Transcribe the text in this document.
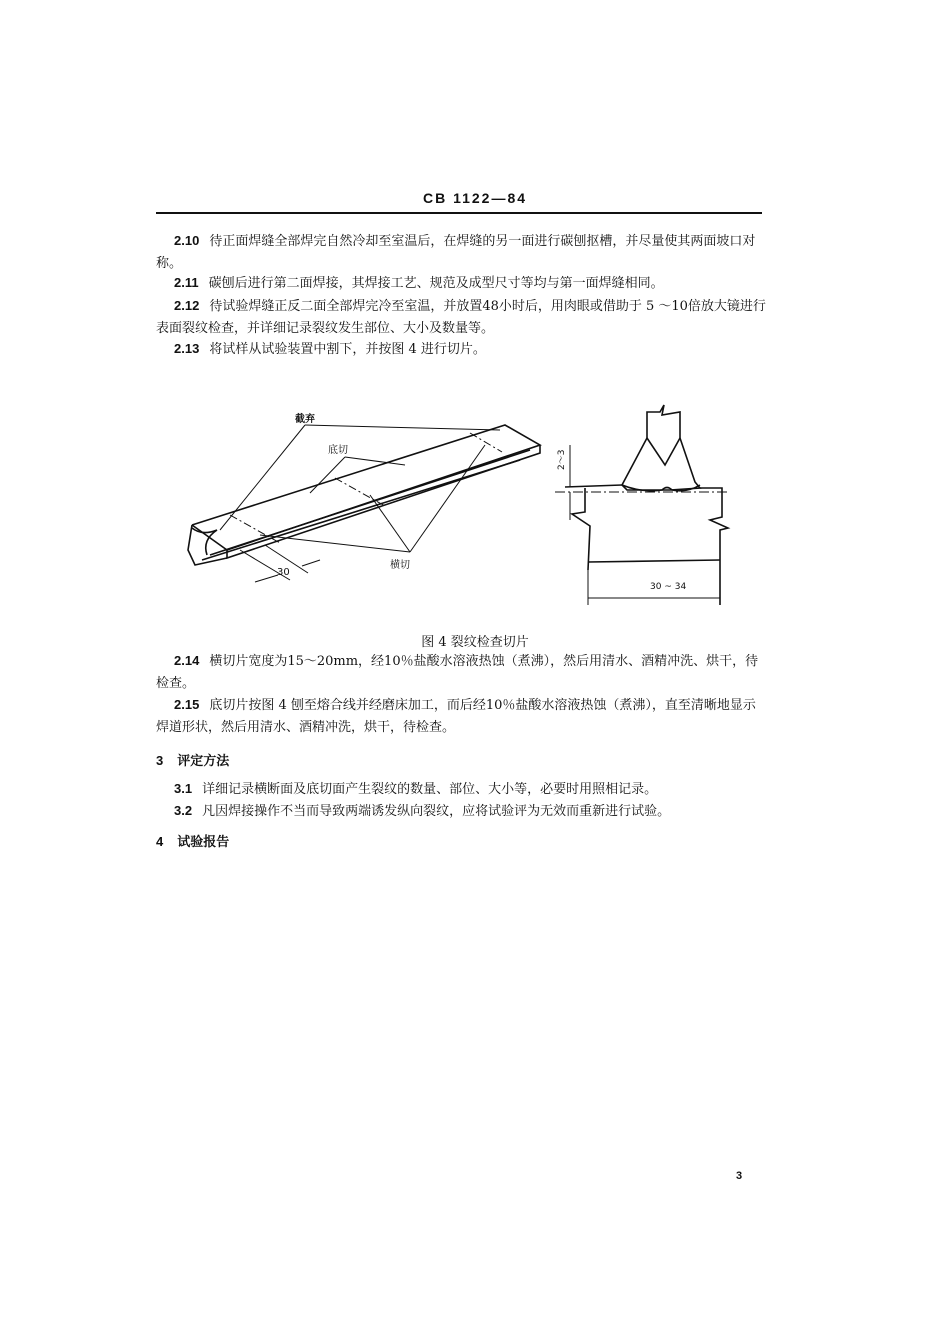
CB 1122—84
2.10 待正面焊缝全部焊完自然冷却至室温后，在焊缝的另一面进行碳刨抠槽，并尽量使其两面坡口对称。
2.11 碳刨后进行第二面焊接，其焊接工艺、规范及成型尺寸等均与第一面焊缝相同。
2.12 待试验焊缝正反二面全部焊完冷至室温，并放置48小时后，用肉眼或借助于 5 ～10倍放大镜进行表面裂纹检查，并详细记录裂纹发生部位、大小及数量等。
2.13 将试样从试验装置中割下，并按图 4 进行切片。
截弃
底切
横切
30
30 ~ 34
2～3
图 4 裂纹检查切片
2.14 横切片宽度为15～20mm，经10％盐酸水溶液热蚀（煮沸），然后用清水、酒精冲洗、烘干，待检查。
2.15 底切片按图 4 刨至熔合线并经磨床加工，而后经10％盐酸水溶液热蚀（煮沸），直至清晰地显示焊道形状，然后用清水、酒精冲洗，烘干，待检查。
3 评定方法
3.1 详细记录横断面及底切面产生裂纹的数量、部位、大小等，必要时用照相记录。
3.2 凡因焊接操作不当而导致两端诱发纵向裂纹，应将试验评为无效而重新进行试验。
4 试验报告
3
